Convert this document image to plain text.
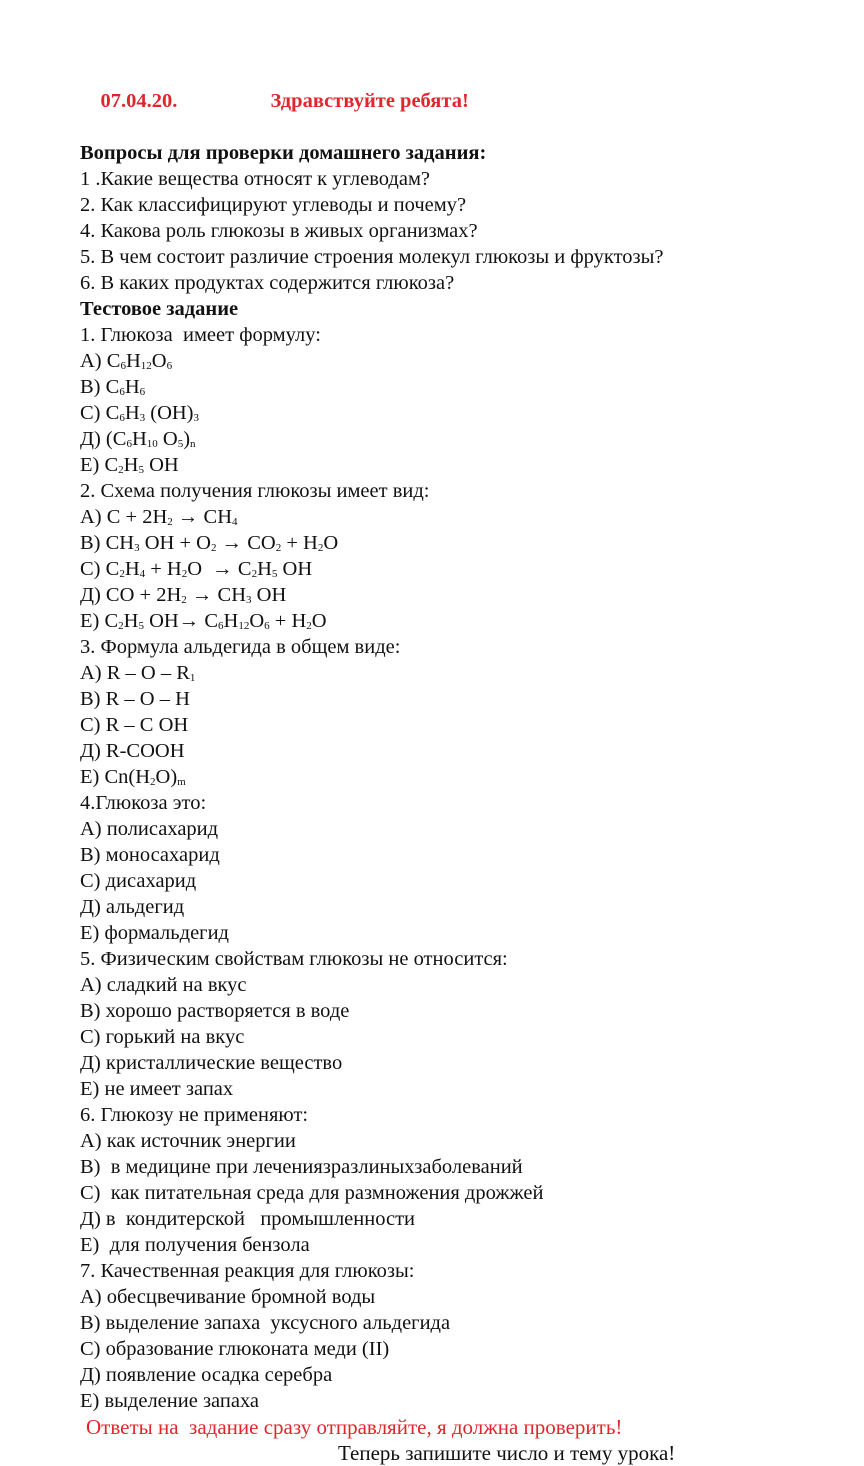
07.04.20.	Здравствуйте ребята!

Вопросы для проверки домашнего задания:
1 .Какие вещества относят к углеводам?
2. Как классифицируют углеводы и почему?
4. Какова роль глюкозы в живых организмах?
5. В чем состоит различие строения молекул глюкозы и фруктозы?
6. В каких продуктах содержится глюкоза?
Тестовое задание
1. Глюкоза  имеет формулу:
А) $С_6Н_{12}О_6$
В) $С_6Н_6$
С) $С_6Н_3$ $(ОН)_3$
Д) ($С_6Н_{10}$ $О_5)_n$
Е) $С_2Н_5$ ОН
2. Схема получения глюкозы имеет вид:
А) $С + 2Н_2 \to СН_4$
В) $СН_3$ ОН + $О_2 \to СО_2 + Н_2О$
С) $С_2Н_4 + Н_2О \to С_2Н_5$ ОН
Д) СО + $2Н_2 \to СН_3$ ОН
Е) $С_2Н_5$ $ОН\to С_6Н_{12}О_6 + Н_2О$
3. Формула альдегида в общем виде:
А) R – О – $R_1$
В) R – О – Н
С) R – С ОН
Д) R-СООН
Е) $Сn(H_2O)_m$
4.Глюкоза это:
А) полисахарид
В) моносахарид
С) дисахарид
Д) альдегид
Е) формальдегид
5. Физическим свойствам глюкозы не относится:
А) сладкий на вкус
В) хорошо растворяется в воде
С) горький на вкус
Д) кристаллические вещество
Е) не имеет запах
6. Глюкозу не применяют:
А) как источник энергии
В)  в медицине при лечениязразлиныхзаболеваний
С)  как питательная среда для размножения дрожжей
Д) в  кондитерской   промышленности
Е)  для получения бензола
7. Качественная реакция для глюкозы:
А) обесцвечивание бромной воды
В) выделение запаха  уксусного альдегида
С) образование глюконата меди (II)
Д) появление осадка серебра
Е) выделение запаха
Ответы на  задание сразу отправляйте, я должна проверить!
Теперь запишите число и тему урока!
